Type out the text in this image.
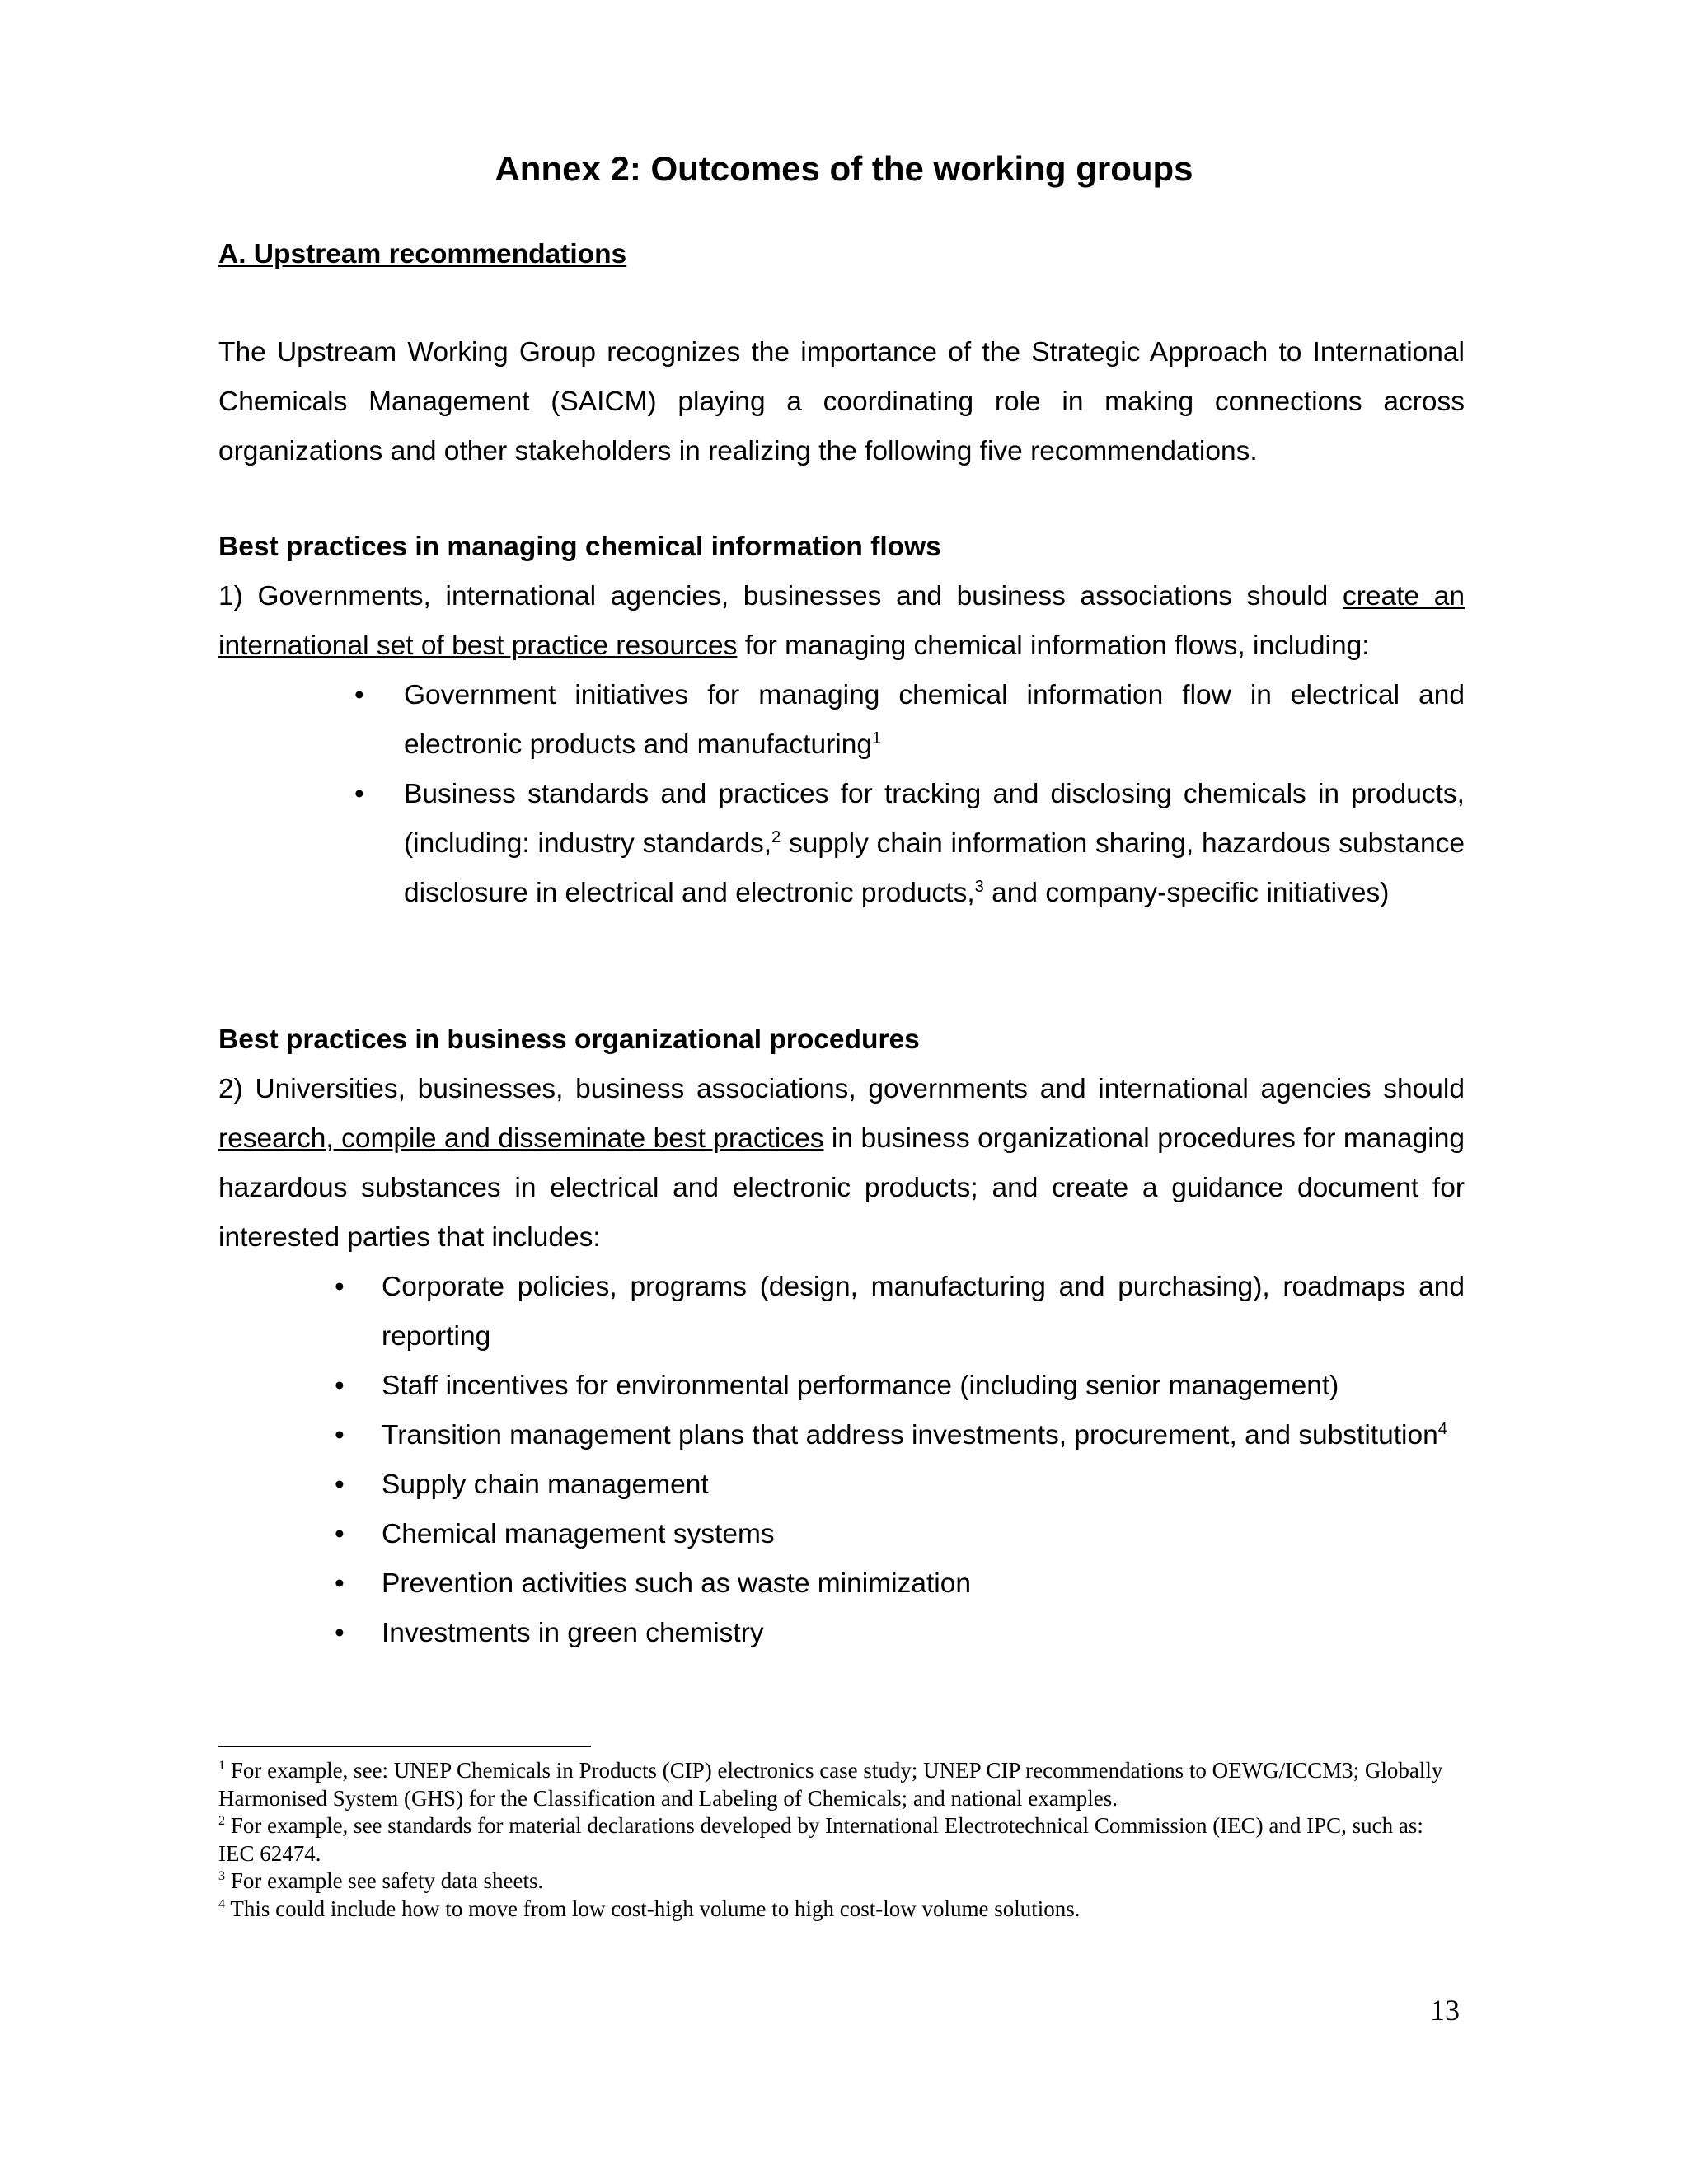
Annex 2: Outcomes of the working groups
A. Upstream recommendations
The Upstream Working Group recognizes the importance of the Strategic Approach to International Chemicals Management (SAICM) playing a coordinating role in making connections across organizations and other stakeholders in realizing the following five recommendations.
Best practices in managing chemical information flows
1) Governments, international agencies, businesses and business associations should create an international set of best practice resources for managing chemical information flows, including:
• Government initiatives for managing chemical information flow in electrical and electronic products and manufacturing$^1$
• Business standards and practices for tracking and disclosing chemicals in products, (including: industry standards,$^2$ supply chain information sharing, hazardous substance disclosure in electrical and electronic products,$^3$ and company-specific initiatives)
Best practices in business organizational procedures
2) Universities, businesses, business associations, governments and international agencies should research, compile and disseminate best practices in business organizational procedures for managing hazardous substances in electrical and electronic products; and create a guidance document for interested parties that includes:
• Corporate policies, programs (design, manufacturing and purchasing), roadmaps and reporting
• Staff incentives for environmental performance (including senior management)
• Transition management plans that address investments, procurement, and substitution$^4$
• Supply chain management
• Chemical management systems
• Prevention activities such as waste minimization
• Investments in green chemistry

$^1$ For example, see: UNEP Chemicals in Products (CIP) electronics case study; UNEP CIP recommendations to OEWG/ICCM3; Globally Harmonised System (GHS) for the Classification and Labeling of Chemicals; and national examples.

$^2$ For example, see standards for material declarations developed by International Electrotechnical Commission (IEC) and IPC, such as: IEC 62474.

$^3$ For example see safety data sheets.

$^4$ This could include how to move from low cost-high volume to high cost-low volume solutions.

13
